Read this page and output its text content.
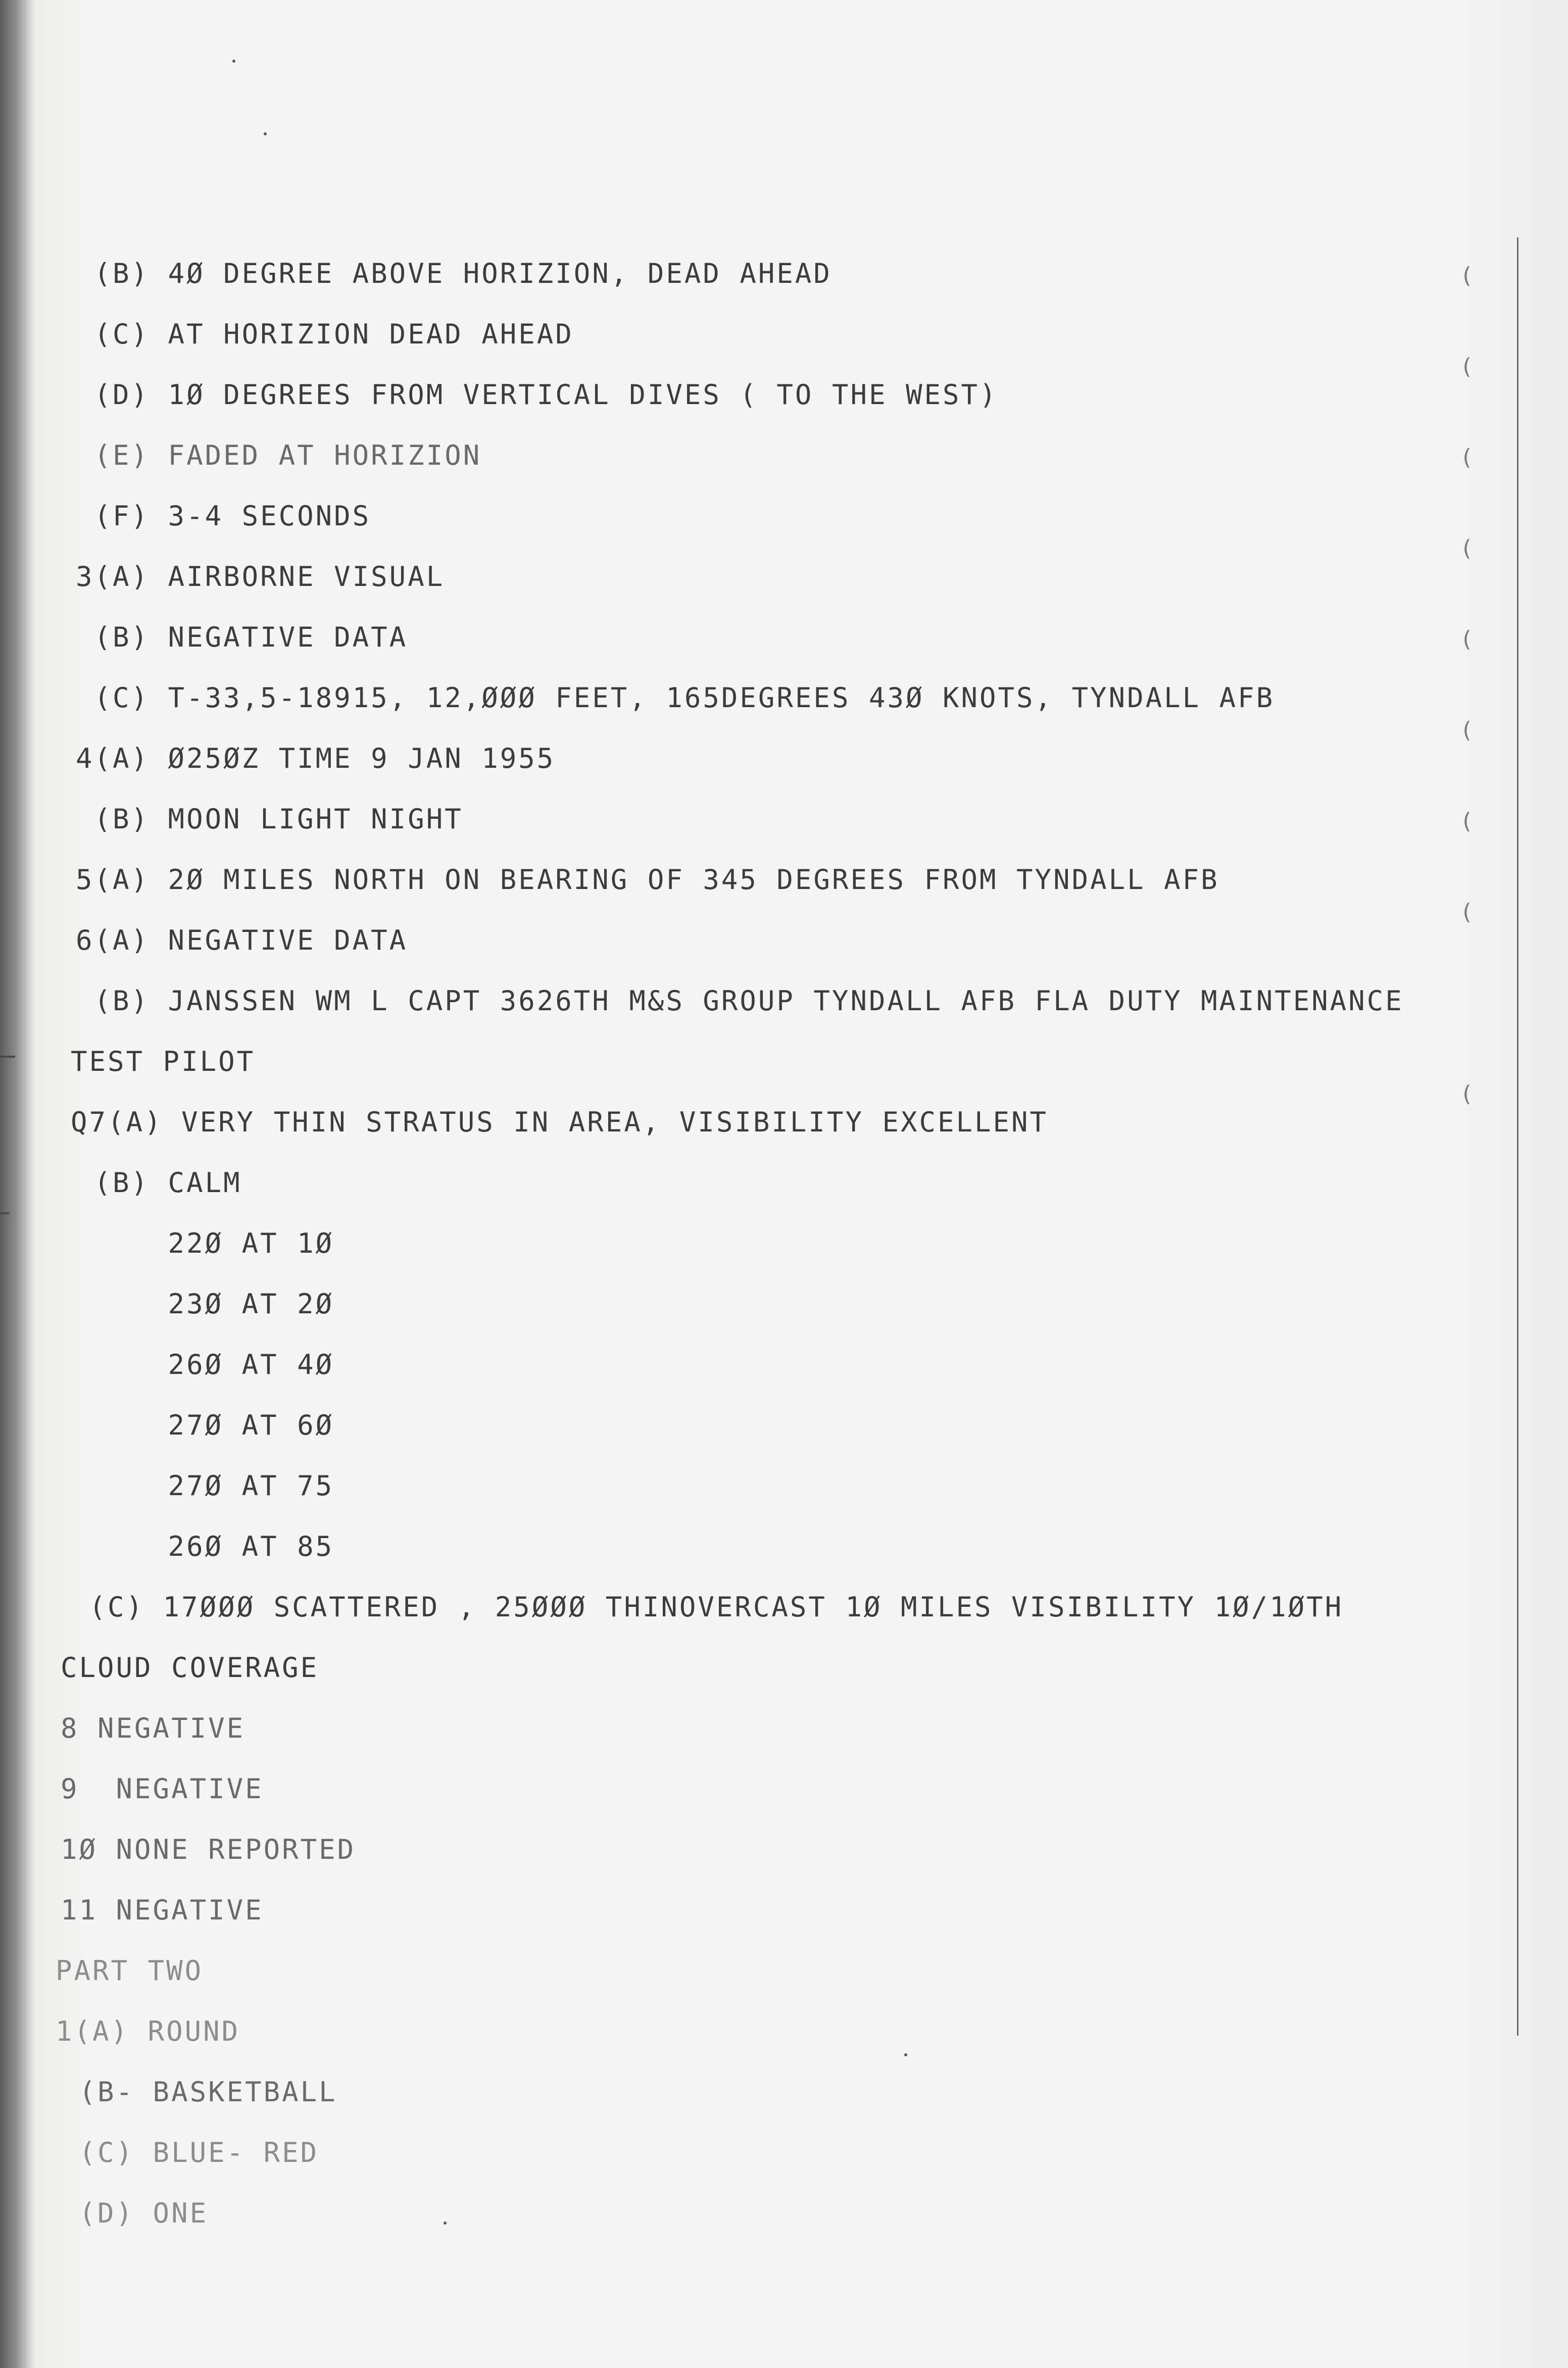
(
(
(
(
(
(
(
(
(
(B) 4Ø DEGREE ABOVE HORIZION, DEAD AHEAD
(C) AT HORIZION DEAD AHEAD
(D) 1Ø DEGREES FROM VERTICAL DIVES ( TO THE WEST)
(E) FADED AT HORIZION
(F) 3-4 SECONDS
3(A) AIRBORNE VISUAL
(B) NEGATIVE DATA
(C) T-33,5-18915, 12,ØØØ FEET, 165DEGREES 43Ø KNOTS, TYNDALL AFB
4(A) Ø25ØZ TIME 9 JAN 1955
(B) MOON LIGHT NIGHT
5(A) 2Ø MILES NORTH ON BEARING OF 345 DEGREES FROM TYNDALL AFB
6(A) NEGATIVE DATA
(B) JANSSEN WM L CAPT 3626TH M&S GROUP TYNDALL AFB FLA DUTY MAINTENANCE
TEST PILOT
Q7(A) VERY THIN STRATUS IN AREA, VISIBILITY EXCELLENT
(B) CALM
22Ø AT 1Ø
23Ø AT 2Ø
26Ø AT 4Ø
27Ø AT 6Ø
27Ø AT 75
26Ø AT 85
(C) 17ØØØ SCATTERED , 25ØØØ THINOVERCAST 1Ø MILES VISIBILITY 1Ø/1ØTH
CLOUD COVERAGE
8 NEGATIVE
9  NEGATIVE
1Ø NONE REPORTED
11 NEGATIVE
PART TWO
1(A) ROUND
(B- BASKETBALL
(C) BLUE- RED
(D) ONE
